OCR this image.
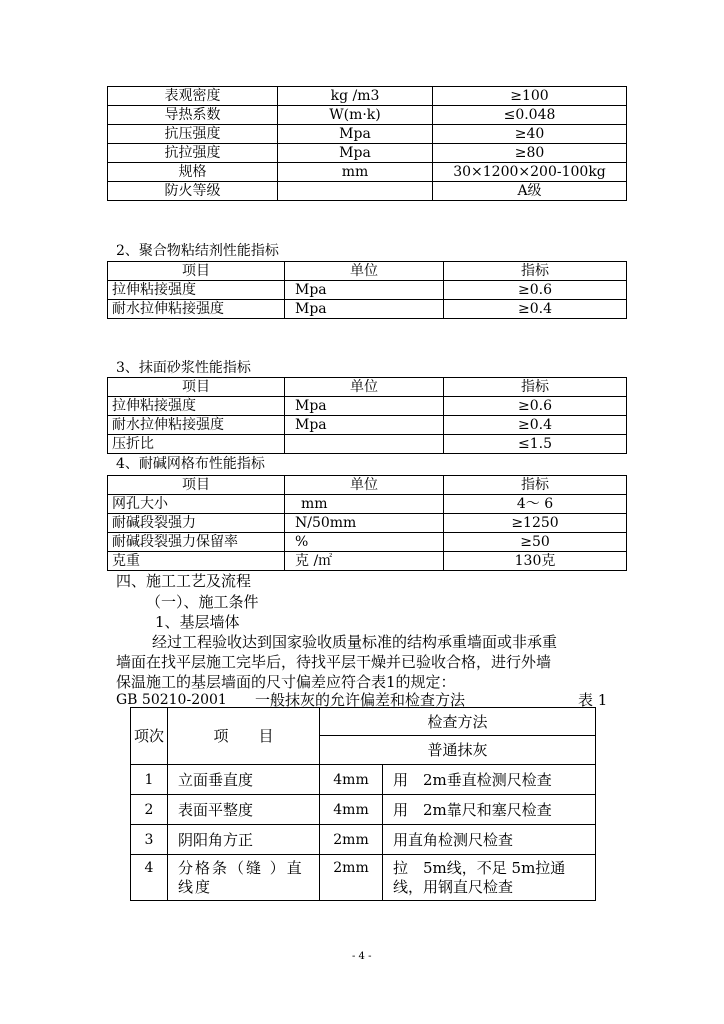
表观密度	kg /m3	≥100
导热系数	W(m·k)	≤0.048
抗压强度	Mpa	≥40
抗拉强度	Mpa	≥80
规格	mm	30×1200×200-100kg
防火等级		A级
2、聚合物粘结剂性能指标
项目	单位	指标
拉伸粘接强度	Mpa	≥0.6
耐水拉伸粘接强度	Mpa	≥0.4
3、抹面砂浆性能指标
项目	单位	指标
拉伸粘接强度	Mpa	≥0.6
耐水拉伸粘接强度	Mpa	≥0.4
压折比		≤1.5
4、耐碱网格布性能指标
项目	单位	指标
网孔大小	mm	4～ 6
耐碱段裂强力	N/50mm	≥1250
耐碱段裂强力保留率	%	≥50
克重	克 /㎡	130克
四、施工工艺及流程
（一）、施工条件
1、基层墙体
经过工程验收达到国家验收质量标准的结构承重墙面或非承重
墙面在找平层施工完毕后，待找平层干燥并已验收合格，进行外墙
保温施工的基层墙面的尺寸偏差应符合表1的规定：
GB 50210-2001 一般抹灰的允许偏差和检查方法	表 1
项次	项　　目	检查方法	
		普通抹灰	
1	立面垂直度	4mm	用　2m垂直检测尺检查
2	表面平整度	4mm	用　2m靠尺和塞尺检查
3	阴阳角方正	2mm	用直角检测尺检查
4	分格条（缝 ）直线度	2mm	拉　5m线，不足 5m拉通线，用钢直尺检查
- 4 -
